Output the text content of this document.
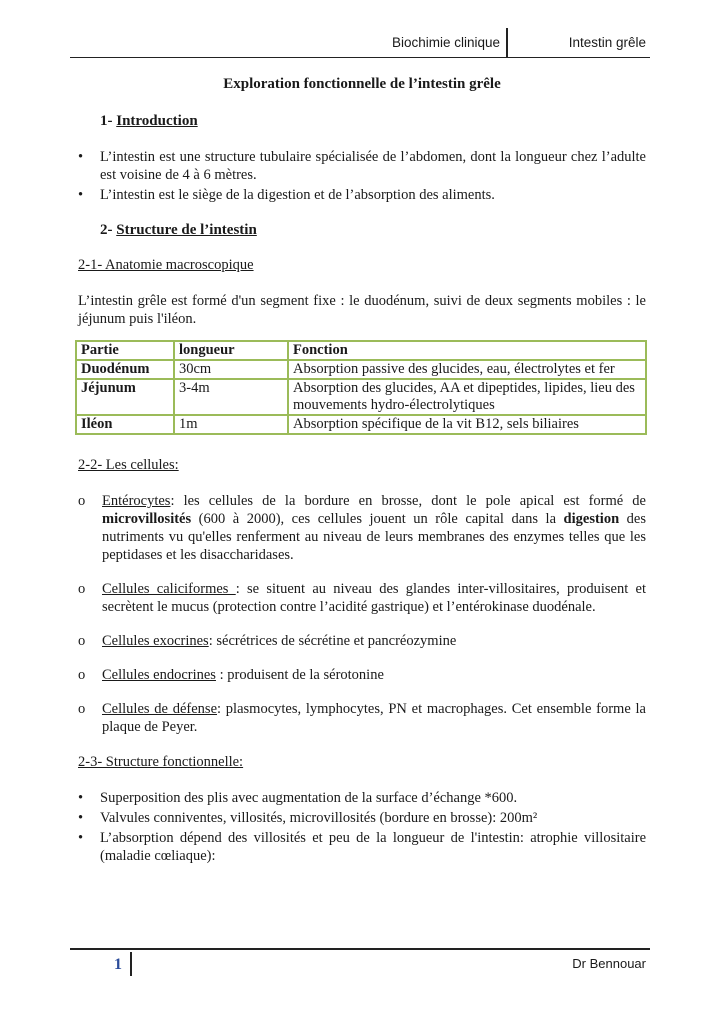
Biochimie clinique	Intestin grêle
Exploration fonctionnelle de l’intestin grêle
1- Introduction
• L’intestin est une structure tubulaire spécialisée de l’abdomen, dont la longueur chez l’adulte est voisine de 4 à 6 mètres.
• L’intestin est le siège de la digestion et de l’absorption des aliments.
2- Structure de l’intestin
2-1- Anatomie macroscopique
L’intestin grêle est formé d'un segment fixe : le duodénum, suivi de deux segments mobiles : le jéjunum puis l'iléon.
Partie	longueur	Fonction
Duodénum	30cm	Absorption passive des glucides, eau, électrolytes et fer
Jéjunum	3-4m	Absorption des glucides, AA et dipeptides, lipides, lieu des mouvements hydro-électrolytiques
Iléon	1m	Absorption spécifique de la vit B12, sels biliaires
2-2- Les cellules:
o Entérocytes: les cellules de la bordure en brosse, dont le pole apical est formé de microvillosités (600 à 2000), ces cellules jouent un rôle capital dans la digestion des nutriments vu qu'elles renferment au niveau de leurs membranes des enzymes telles que les peptidases et les disaccharidases.
o Cellules caliciformes : se situent au niveau des glandes inter-villositaires, produisent et secrètent le mucus (protection contre l’acidité gastrique) et l’entérokinase duodénale.
o Cellules exocrines: sécrétrices de sécrétine et pancréozymine
o Cellules endocrines : produisent de la sérotonine
o Cellules de défense: plasmocytes, lymphocytes, PN et macrophages. Cet ensemble forme la plaque de Peyer.
2-3- Structure fonctionnelle:
• Superposition des plis avec augmentation de la surface d’échange *600.
• Valvules conniventes, villosités, microvillosités (bordure en brosse): 200m²
• L’absorption dépend des villosités et peu de la longueur de l'intestin: atrophie villositaire (maladie cœliaque):
1	Dr Bennouar
